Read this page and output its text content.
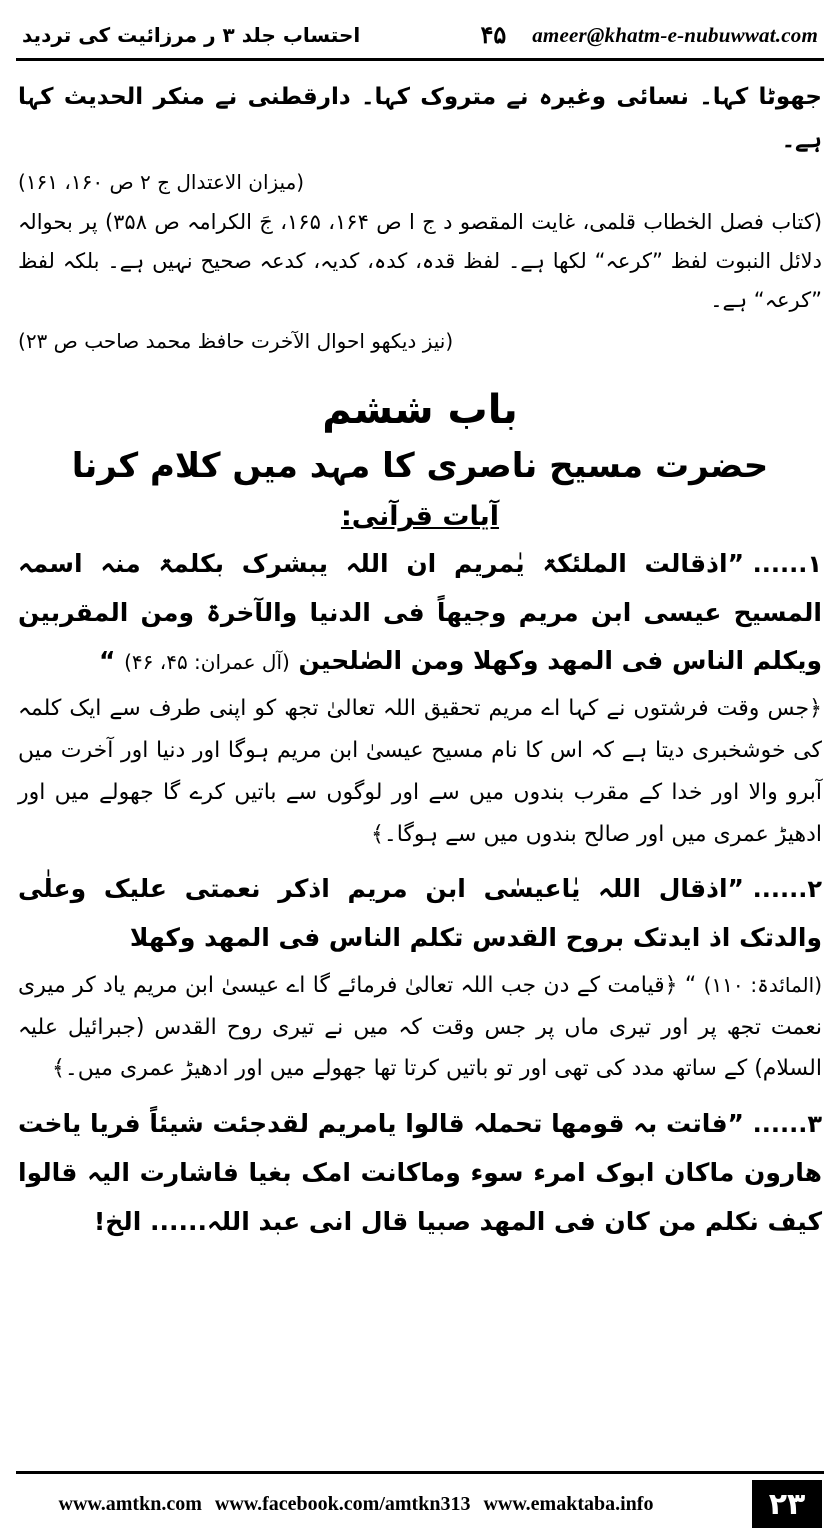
ameer@khatm-e-nubuwwat.com
۴۵
احتساب جلد ۳ ر مرزائیت کی تردید
جھوٹا کہا۔ نسائی وغیرہ نے متروک کہا۔ دارقطنی نے منکر الحدیث کہا ہے۔
(میزان الاعتدال ج ۲ ص ۱۶۰، ۱۶۱)
(کتاب فصل الخطاب قلمی، غایت المقصو د ج ا ص ۱۶۴، ۱۶۵، جَ الکرامہ ص ۳۵۸) پر بحوالہ دلائل النبوت لفظ ”کرعہ“ لکھا ہے۔ لفظ قدہ، کدہ، کدیہ، کدعہ صحیح نہیں ہے۔ بلکہ لفظ ”کرعہ“ ہے۔
(نیز دیکھو احوال الآخرت حافظ محمد صاحب ص ۲۳)
باب ششم
حضرت مسیح ناصری کا مہد میں کلام کرنا
آیات قرآنی:
۱......”اذقالت الملئکۃ یٰمریم ان اللہ یبشرک بکلمۃ منہ اسمہ المسیح عیسی ابن مریم وجیھاً فی الدنیا والآخرۃ ومن المقربین ویکلم الناس فی المھد وکھلا ومن الصٰلحین (آل عمران: ۴۵، ۴۶) “
﴿جس وقت فرشتوں نے کہا اے مریم تحقیق اللہ تعالیٰ تجھ کو اپنی طرف سے ایک کلمہ کی خوشخبری دیتا ہے کہ اس کا نام مسیح عیسیٰ ابن مریم ہوگا اور دنیا اور آخرت میں آبرو والا اور خدا کے مقرب بندوں میں سے اور لوگوں سے باتیں کرے گا جھولے میں اور ادھیڑ عمری میں اور صالح بندوں میں سے ہوگا۔﴾
۲......”اذقال اللہ یٰاعیسٰی ابن مریم اذکر نعمتی علیک وعلٰی والدتک اذ ایدتک بروح القدس تکلم الناس فی المھد وکھلا
(المائدۃ: ۱۱۰) “ ﴿قیامت کے دن جب اللہ تعالیٰ فرمائے گا اے عیسیٰ ابن مریم یاد کر میری نعمت تجھ پر اور تیری ماں پر جس وقت کہ میں نے تیری روح القدس (جبرائیل علیہ السلام) کے ساتھ مدد کی تھی اور تو باتیں کرتا تھا جھولے میں اور ادھیڑ عمری میں۔﴾
۳......”فاتت بہ قومھا تحملہ قالوا یامریم لقدجئت شیئاً فریا یاخت ھارون ماکان ابوک امرء سوء وماکانت امک بغیا فاشارت الیہ قالوا کیف نکلم من کان فی المھد صبیا قال انی عبد اللہ...... الخ!
۲۳
www.amtkn.com www.facebook.com/amtkn313 www.emaktaba.info
